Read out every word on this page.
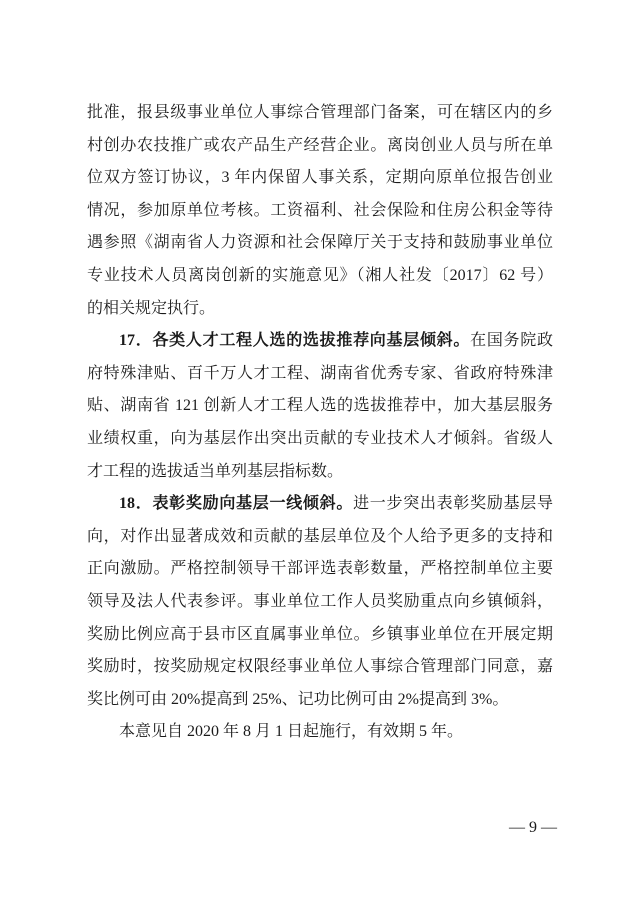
批准，报县级事业单位人事综合管理部门备案，可在辖区内的乡
村创办农技推广或农产品生产经营企业。离岗创业人员与所在单
位双方签订协议，3 年内保留人事关系，定期向原单位报告创业
情况，参加原单位考核。工资福利、社会保险和住房公积金等待
遇参照《湖南省人力资源和社会保障厅关于支持和鼓励事业单位
专业技术人员离岗创新的实施意见》（湘人社发〔2017〕62 号）
的相关规定执行。
17．各类人才工程人选的选拔推荐向基层倾斜。在国务院政
府特殊津贴、百千万人才工程、湖南省优秀专家、省政府特殊津
贴、湖南省 121 创新人才工程人选的选拔推荐中，加大基层服务
业绩权重，向为基层作出突出贡献的专业技术人才倾斜。省级人
才工程的选拔适当单列基层指标数。
18．表彰奖励向基层一线倾斜。进一步突出表彰奖励基层导
向，对作出显著成效和贡献的基层单位及个人给予更多的支持和
正向激励。严格控制领导干部评选表彰数量，严格控制单位主要
领导及法人代表参评。事业单位工作人员奖励重点向乡镇倾斜，
奖励比例应高于县市区直属事业单位。乡镇事业单位在开展定期
奖励时，按奖励规定权限经事业单位人事综合管理部门同意，嘉
奖比例可由 20%提高到 25%、记功比例可由 2%提高到 3%。
本意见自 2020 年 8 月 1 日起施行，有效期 5 年。
— 9 —
